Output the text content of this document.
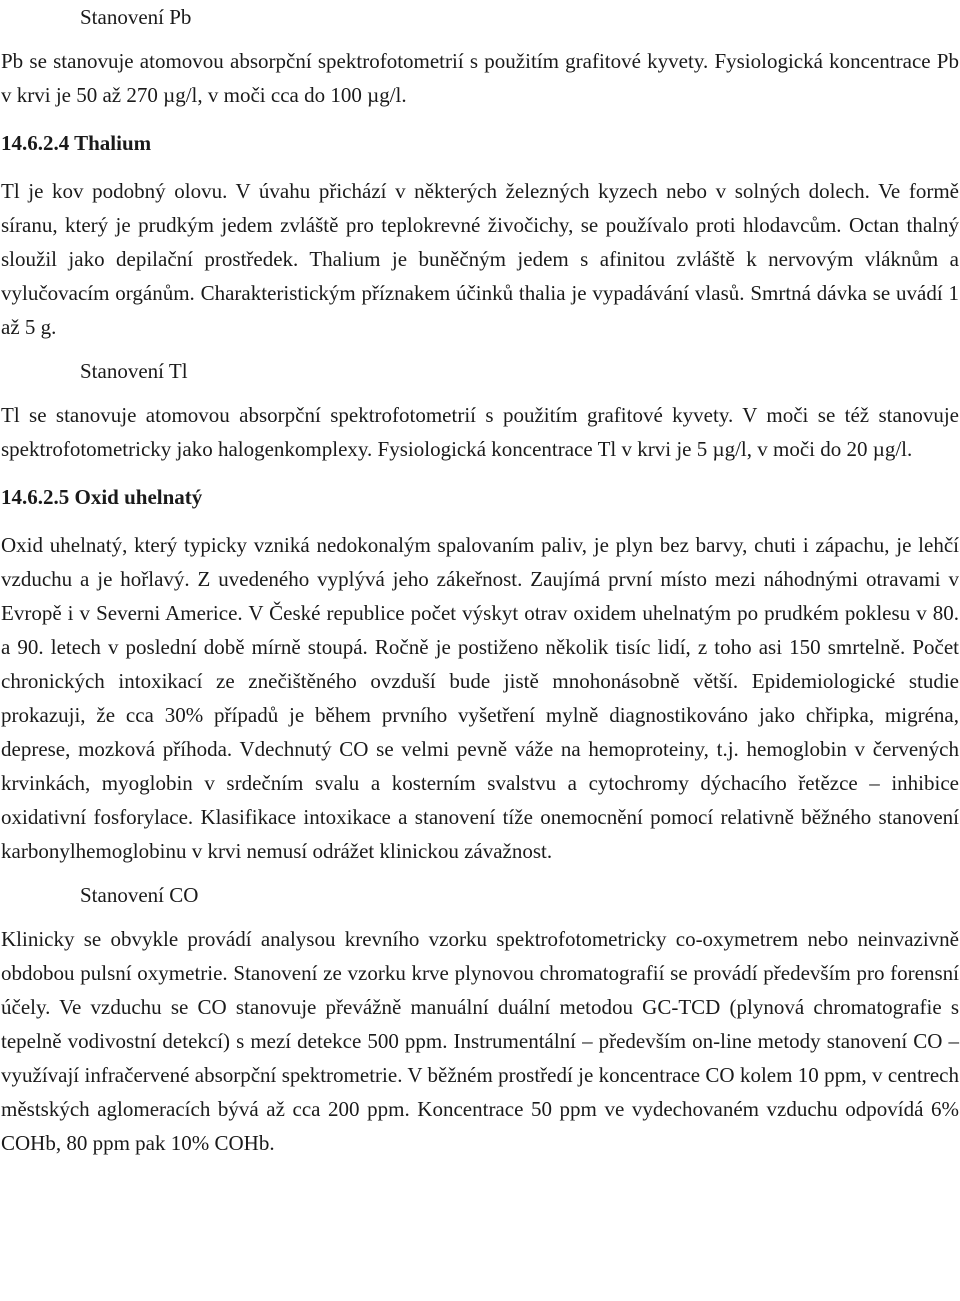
Stanovení Pb

Pb se stanovuje atomovou absorpční spektrofotometrií s použitím grafitové kyvety. Fysiologická koncentrace Pb v krvi je 50 až 270 µg/l, v moči cca do 100 µg/l.

14.6.2.4 Thalium

Tl je kov podobný olovu. V úvahu přichází v některých železných kyzech nebo v solných dolech. Ve formě síranu, který je prudkým jedem zvláště pro teplokrevné živočichy, se používalo proti hlodavcům. Octan thalný sloužil jako depilační prostředek. Thalium je buněčným jedem s afinitou zvláště k nervovým vláknům a vylučovacím orgánům. Charakteristickým příznakem účinků thalia je vypadávání vlasů. Smrtná dávka se uvádí 1 až 5 g.

Stanovení Tl

Tl se stanovuje atomovou absorpční spektrofotometrií s použitím grafitové kyvety. V moči se též stanovuje spektrofotometricky jako halogenkomplexy. Fysiologická koncentrace Tl v krvi je 5 µg/l, v moči do 20 µg/l.

14.6.2.5 Oxid uhelnatý

Oxid uhelnatý, který typicky vzniká nedokonalým spalovaním paliv, je plyn bez barvy, chuti i zápachu, je lehčí vzduchu a je hořlavý. Z uvedeného vyplývá jeho zákeřnost. Zaujímá první místo mezi náhodnými otravami v Evropě i v Severni Americe. V České republice počet výskyt otrav oxidem uhelnatým po prudkém poklesu v 80. a 90. letech v poslední době mírně stoupá. Ročně je postiženo několik tisíc lidí, z toho asi 150 smrtelně. Počet chronických intoxikací ze znečištěného ovzduší bude jistě mnohonásobně větší. Epidemiologické studie prokazuji, že cca 30% případů je během prvního vyšetření mylně diagnostikováno jako chřipka, migréna, deprese, mozková příhoda. Vdechnutý CO se velmi pevně váže na hemoproteiny, t.j. hemoglobin v červených krvinkách, myoglobin v srdečním svalu a kosterním svalstvu a cytochromy dýchacího řetězce – inhibice oxidativní fosforylace. Klasifikace intoxikace a stanovení tíže onemocnění pomocí relativně běžného stanovení karbonylhemoglobinu v krvi nemusí odrážet klinickou závažnost.

Stanovení CO

Klinicky se obvykle provádí analysou krevního vzorku spektrofotometricky co-oxymetrem nebo neinvazivně obdobou pulsní oxymetrie. Stanovení ze vzorku krve plynovou chromatografií se provádí především pro forensní účely. Ve vzduchu se CO stanovuje převážně manuální duální metodou GC-TCD (plynová chromatografie s tepelně vodivostní detekcí) s mezí detekce 500 ppm. Instrumentální – především on-line metody stanovení CO – využívají infračervené absorpční spektrometrie. V běžném prostředí je koncentrace CO kolem 10 ppm, v centrech městských aglomeracích bývá až cca 200 ppm. Koncentrace 50 ppm ve vydechovaném vzduchu odpovídá 6% COHb, 80 ppm pak 10% COHb.
